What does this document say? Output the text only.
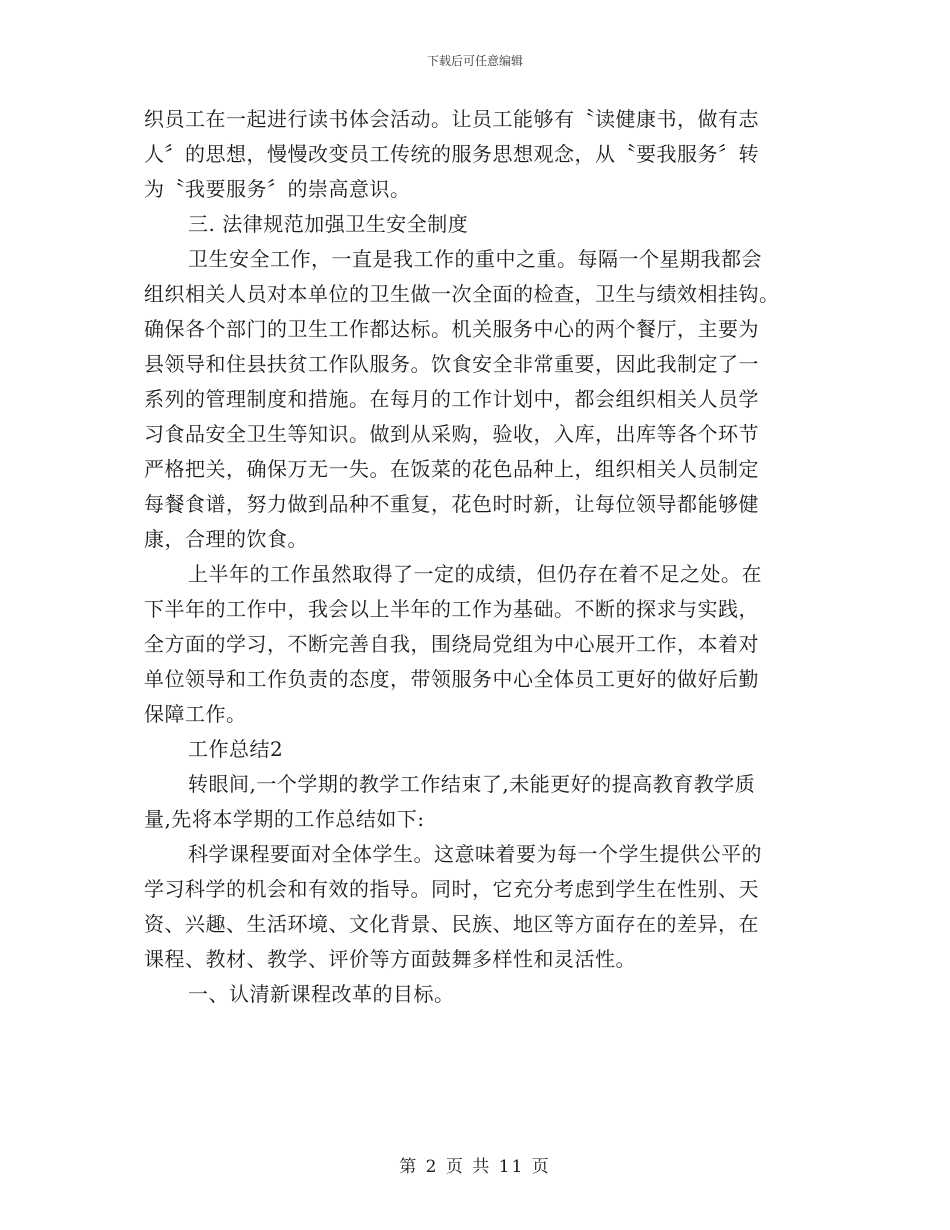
下载后可任意编辑
织员工在一起进行读书体会活动。让员工能够有〝读健康书，做有志
人〞的思想，慢慢改变员工传统的服务思想观念，从〝要我服务〞转
为〝我要服务〞的崇高意识。
三. 法律规范加强卫生安全制度
卫生安全工作，一直是我工作的重中之重。每隔一个星期我都会
组织相关人员对本单位的卫生做一次全面的检查，卫生与绩效相挂钩。
确保各个部门的卫生工作都达标。机关服务中心的两个餐厅，主要为
县领导和住县扶贫工作队服务。饮食安全非常重要，因此我制定了一
系列的管理制度和措施。在每月的工作计划中，都会组织相关人员学
习食品安全卫生等知识。做到从采购，验收，入库，出库等各个环节
严格把关，确保万无一失。在饭菜的花色品种上，组织相关人员制定
每餐食谱，努力做到品种不重复，花色时时新，让每位领导都能够健
康，合理的饮食。
上半年的工作虽然取得了一定的成绩，但仍存在着不足之处。在
下半年的工作中，我会以上半年的工作为基础。不断的探求与实践，
全方面的学习，不断完善自我，围绕局党组为中心展开工作，本着对
单位领导和工作负责的态度，带领服务中心全体员工更好的做好后勤
保障工作。
工作总结2
转眼间,一个学期的教学工作结束了,未能更好的提高教育教学质
量,先将本学期的工作总结如下:
科学课程要面对全体学生。这意味着要为每一个学生提供公平的
学习科学的机会和有效的指导。同时，它充分考虑到学生在性别、天
资、兴趣、生活环境、文化背景、民族、地区等方面存在的差异，在
课程、教材、教学、评价等方面鼓舞多样性和灵活性。
一、认清新课程改革的目标。
第 2 页 共 11 页
